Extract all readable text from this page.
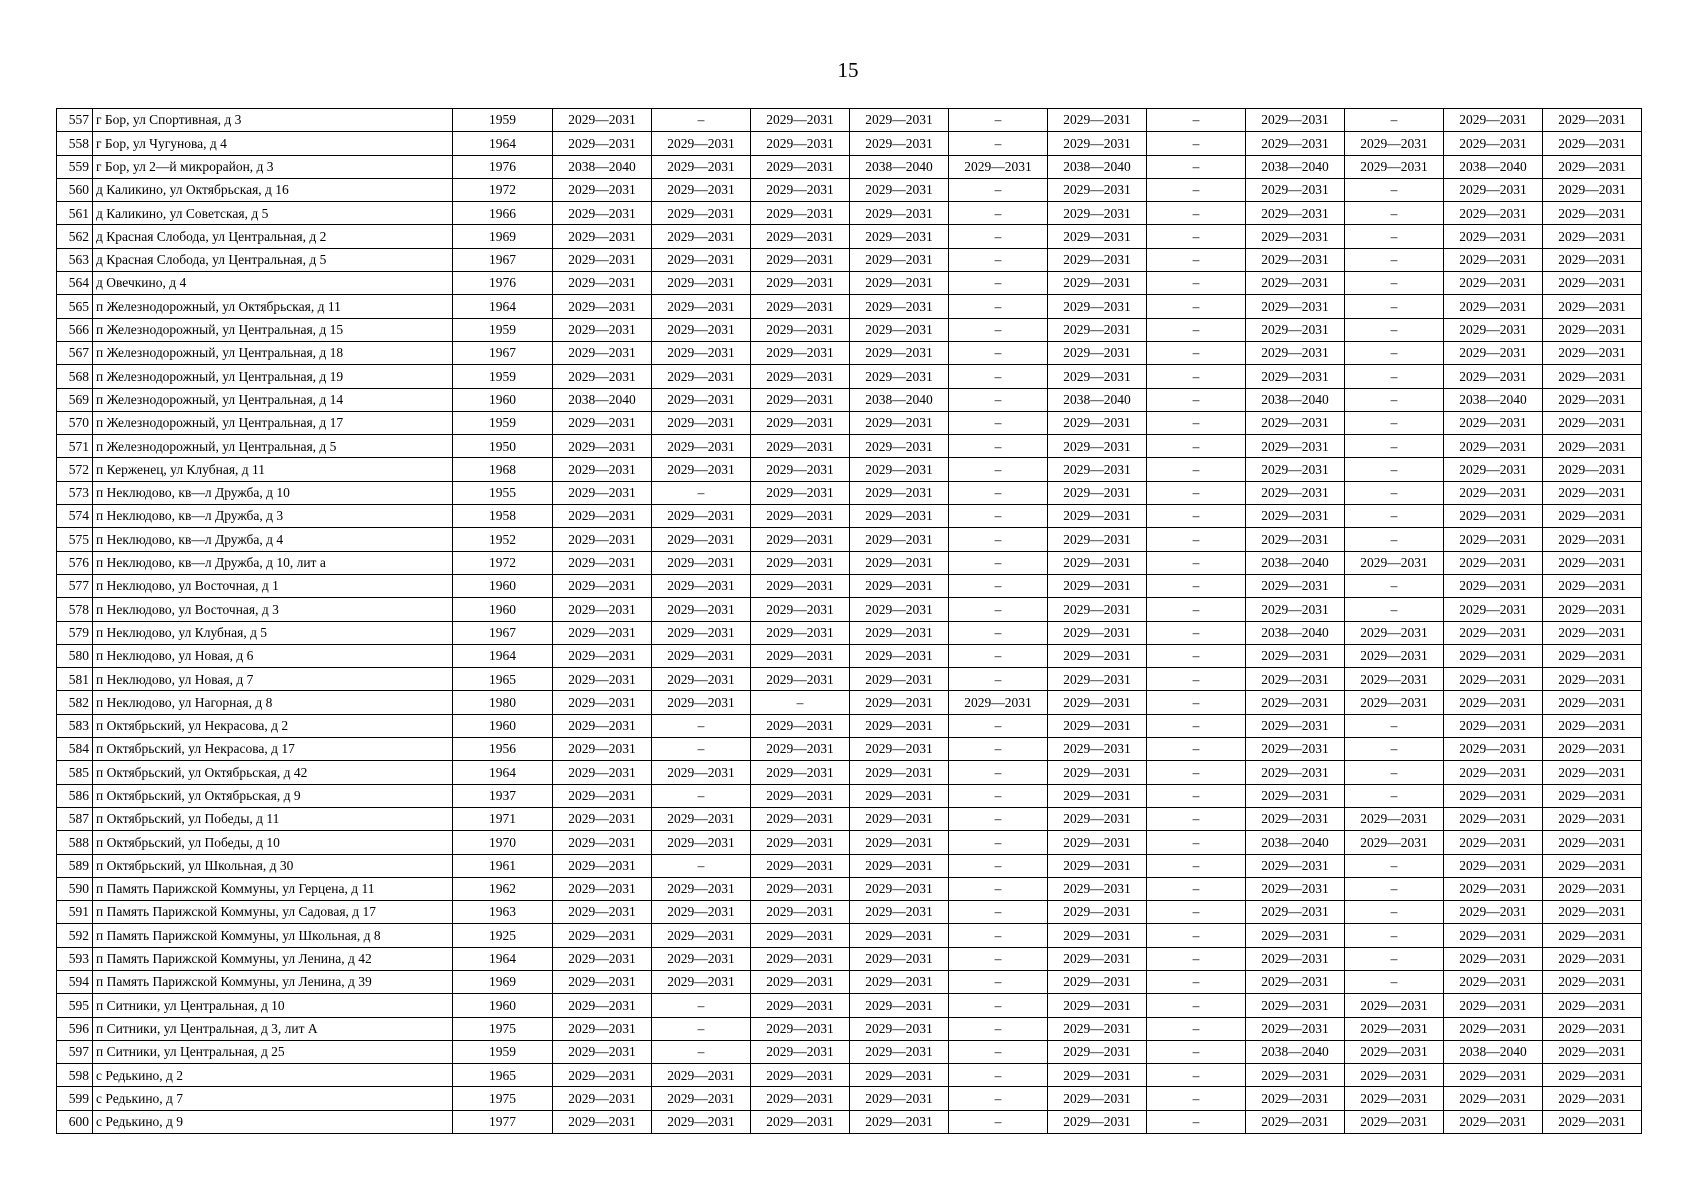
15
557	г Бор, ул Спортивная, д 3	1959	2029—2031	–	2029—2031	2029—2031	–	2029—2031	–	2029—2031	–	2029—2031	2029—2031
558	г Бор, ул Чугунова, д 4	1964	2029—2031	2029—2031	2029—2031	2029—2031	–	2029—2031	–	2029—2031	2029—2031	2029—2031	2029—2031
559	г Бор, ул 2—й микрорайон, д 3	1976	2038—2040	2029—2031	2029—2031	2038—2040	2029—2031	2038—2040	–	2038—2040	2029—2031	2038—2040	2029—2031
560	д Каликино, ул Октябрьская, д 16	1972	2029—2031	2029—2031	2029—2031	2029—2031	–	2029—2031	–	2029—2031	–	2029—2031	2029—2031
561	д Каликино, ул Советская, д 5	1966	2029—2031	2029—2031	2029—2031	2029—2031	–	2029—2031	–	2029—2031	–	2029—2031	2029—2031
562	д Красная Слобода, ул Центральная, д 2	1969	2029—2031	2029—2031	2029—2031	2029—2031	–	2029—2031	–	2029—2031	–	2029—2031	2029—2031
563	д Красная Слобода, ул Центральная, д 5	1967	2029—2031	2029—2031	2029—2031	2029—2031	–	2029—2031	–	2029—2031	–	2029—2031	2029—2031
564	д Овечкино, д 4	1976	2029—2031	2029—2031	2029—2031	2029—2031	–	2029—2031	–	2029—2031	–	2029—2031	2029—2031
565	п Железнодорожный, ул Октябрьская, д 11	1964	2029—2031	2029—2031	2029—2031	2029—2031	–	2029—2031	–	2029—2031	–	2029—2031	2029—2031
566	п Железнодорожный, ул Центральная, д 15	1959	2029—2031	2029—2031	2029—2031	2029—2031	–	2029—2031	–	2029—2031	–	2029—2031	2029—2031
567	п Железнодорожный, ул Центральная, д 18	1967	2029—2031	2029—2031	2029—2031	2029—2031	–	2029—2031	–	2029—2031	–	2029—2031	2029—2031
568	п Железнодорожный, ул Центральная, д 19	1959	2029—2031	2029—2031	2029—2031	2029—2031	–	2029—2031	–	2029—2031	–	2029—2031	2029—2031
569	п Железнодорожный, ул Центральная, д 14	1960	2038—2040	2029—2031	2029—2031	2038—2040	–	2038—2040	–	2038—2040	–	2038—2040	2029—2031
570	п Железнодорожный, ул Центральная, д 17	1959	2029—2031	2029—2031	2029—2031	2029—2031	–	2029—2031	–	2029—2031	–	2029—2031	2029—2031
571	п Железнодорожный, ул Центральная, д 5	1950	2029—2031	2029—2031	2029—2031	2029—2031	–	2029—2031	–	2029—2031	–	2029—2031	2029—2031
572	п Керженец, ул Клубная, д 11	1968	2029—2031	2029—2031	2029—2031	2029—2031	–	2029—2031	–	2029—2031	–	2029—2031	2029—2031
573	п Неклюдово, кв—л Дружба, д 10	1955	2029—2031	–	2029—2031	2029—2031	–	2029—2031	–	2029—2031	–	2029—2031	2029—2031
574	п Неклюдово, кв—л Дружба, д 3	1958	2029—2031	2029—2031	2029—2031	2029—2031	–	2029—2031	–	2029—2031	–	2029—2031	2029—2031
575	п Неклюдово, кв—л Дружба, д 4	1952	2029—2031	2029—2031	2029—2031	2029—2031	–	2029—2031	–	2029—2031	–	2029—2031	2029—2031
576	п Неклюдово, кв—л Дружба, д 10, лит а	1972	2029—2031	2029—2031	2029—2031	2029—2031	–	2029—2031	–	2038—2040	2029—2031	2029—2031	2029—2031
577	п Неклюдово, ул Восточная, д 1	1960	2029—2031	2029—2031	2029—2031	2029—2031	–	2029—2031	–	2029—2031	–	2029—2031	2029—2031
578	п Неклюдово, ул Восточная, д 3	1960	2029—2031	2029—2031	2029—2031	2029—2031	–	2029—2031	–	2029—2031	–	2029—2031	2029—2031
579	п Неклюдово, ул Клубная, д 5	1967	2029—2031	2029—2031	2029—2031	2029—2031	–	2029—2031	–	2038—2040	2029—2031	2029—2031	2029—2031
580	п Неклюдово, ул Новая, д 6	1964	2029—2031	2029—2031	2029—2031	2029—2031	–	2029—2031	–	2029—2031	2029—2031	2029—2031	2029—2031
581	п Неклюдово, ул Новая, д 7	1965	2029—2031	2029—2031	2029—2031	2029—2031	–	2029—2031	–	2029—2031	2029—2031	2029—2031	2029—2031
582	п Неклюдово, ул Нагорная, д 8	1980	2029—2031	2029—2031	–	2029—2031	2029—2031	2029—2031	–	2029—2031	2029—2031	2029—2031	2029—2031
583	п Октябрьский, ул Некрасова, д 2	1960	2029—2031	–	2029—2031	2029—2031	–	2029—2031	–	2029—2031	–	2029—2031	2029—2031
584	п Октябрьский, ул Некрасова, д 17	1956	2029—2031	–	2029—2031	2029—2031	–	2029—2031	–	2029—2031	–	2029—2031	2029—2031
585	п Октябрьский, ул Октябрьская, д 42	1964	2029—2031	2029—2031	2029—2031	2029—2031	–	2029—2031	–	2029—2031	–	2029—2031	2029—2031
586	п Октябрьский, ул Октябрьская, д 9	1937	2029—2031	–	2029—2031	2029—2031	–	2029—2031	–	2029—2031	–	2029—2031	2029—2031
587	п Октябрьский, ул Победы, д 11	1971	2029—2031	2029—2031	2029—2031	2029—2031	–	2029—2031	–	2029—2031	2029—2031	2029—2031	2029—2031
588	п Октябрьский, ул Победы, д 10	1970	2029—2031	2029—2031	2029—2031	2029—2031	–	2029—2031	–	2038—2040	2029—2031	2029—2031	2029—2031
589	п Октябрьский, ул Школьная, д 30	1961	2029—2031	–	2029—2031	2029—2031	–	2029—2031	–	2029—2031	–	2029—2031	2029—2031
590	п Память Парижской Коммуны, ул Герцена, д 11	1962	2029—2031	2029—2031	2029—2031	2029—2031	–	2029—2031	–	2029—2031	–	2029—2031	2029—2031
591	п Память Парижской Коммуны, ул Садовая, д 17	1963	2029—2031	2029—2031	2029—2031	2029—2031	–	2029—2031	–	2029—2031	–	2029—2031	2029—2031
592	п Память Парижской Коммуны, ул Школьная, д 8	1925	2029—2031	2029—2031	2029—2031	2029—2031	–	2029—2031	–	2029—2031	–	2029—2031	2029—2031
593	п Память Парижской Коммуны, ул Ленина, д 42	1964	2029—2031	2029—2031	2029—2031	2029—2031	–	2029—2031	–	2029—2031	–	2029—2031	2029—2031
594	п Память Парижской Коммуны, ул Ленина, д 39	1969	2029—2031	2029—2031	2029—2031	2029—2031	–	2029—2031	–	2029—2031	–	2029—2031	2029—2031
595	п Ситники, ул Центральная, д 10	1960	2029—2031	–	2029—2031	2029—2031	–	2029—2031	–	2029—2031	2029—2031	2029—2031	2029—2031
596	п Ситники, ул Центральная, д 3, лит А	1975	2029—2031	–	2029—2031	2029—2031	–	2029—2031	–	2029—2031	2029—2031	2029—2031	2029—2031
597	п Ситники, ул Центральная, д 25	1959	2029—2031	–	2029—2031	2029—2031	–	2029—2031	–	2038—2040	2029—2031	2038—2040	2029—2031
598	с Редькино, д 2	1965	2029—2031	2029—2031	2029—2031	2029—2031	–	2029—2031	–	2029—2031	2029—2031	2029—2031	2029—2031
599	с Редькино, д 7	1975	2029—2031	2029—2031	2029—2031	2029—2031	–	2029—2031	–	2029—2031	2029—2031	2029—2031	2029—2031
600	с Редькино, д 9	1977	2029—2031	2029—2031	2029—2031	2029—2031	–	2029—2031	–	2029—2031	2029—2031	2029—2031	2029—2031
